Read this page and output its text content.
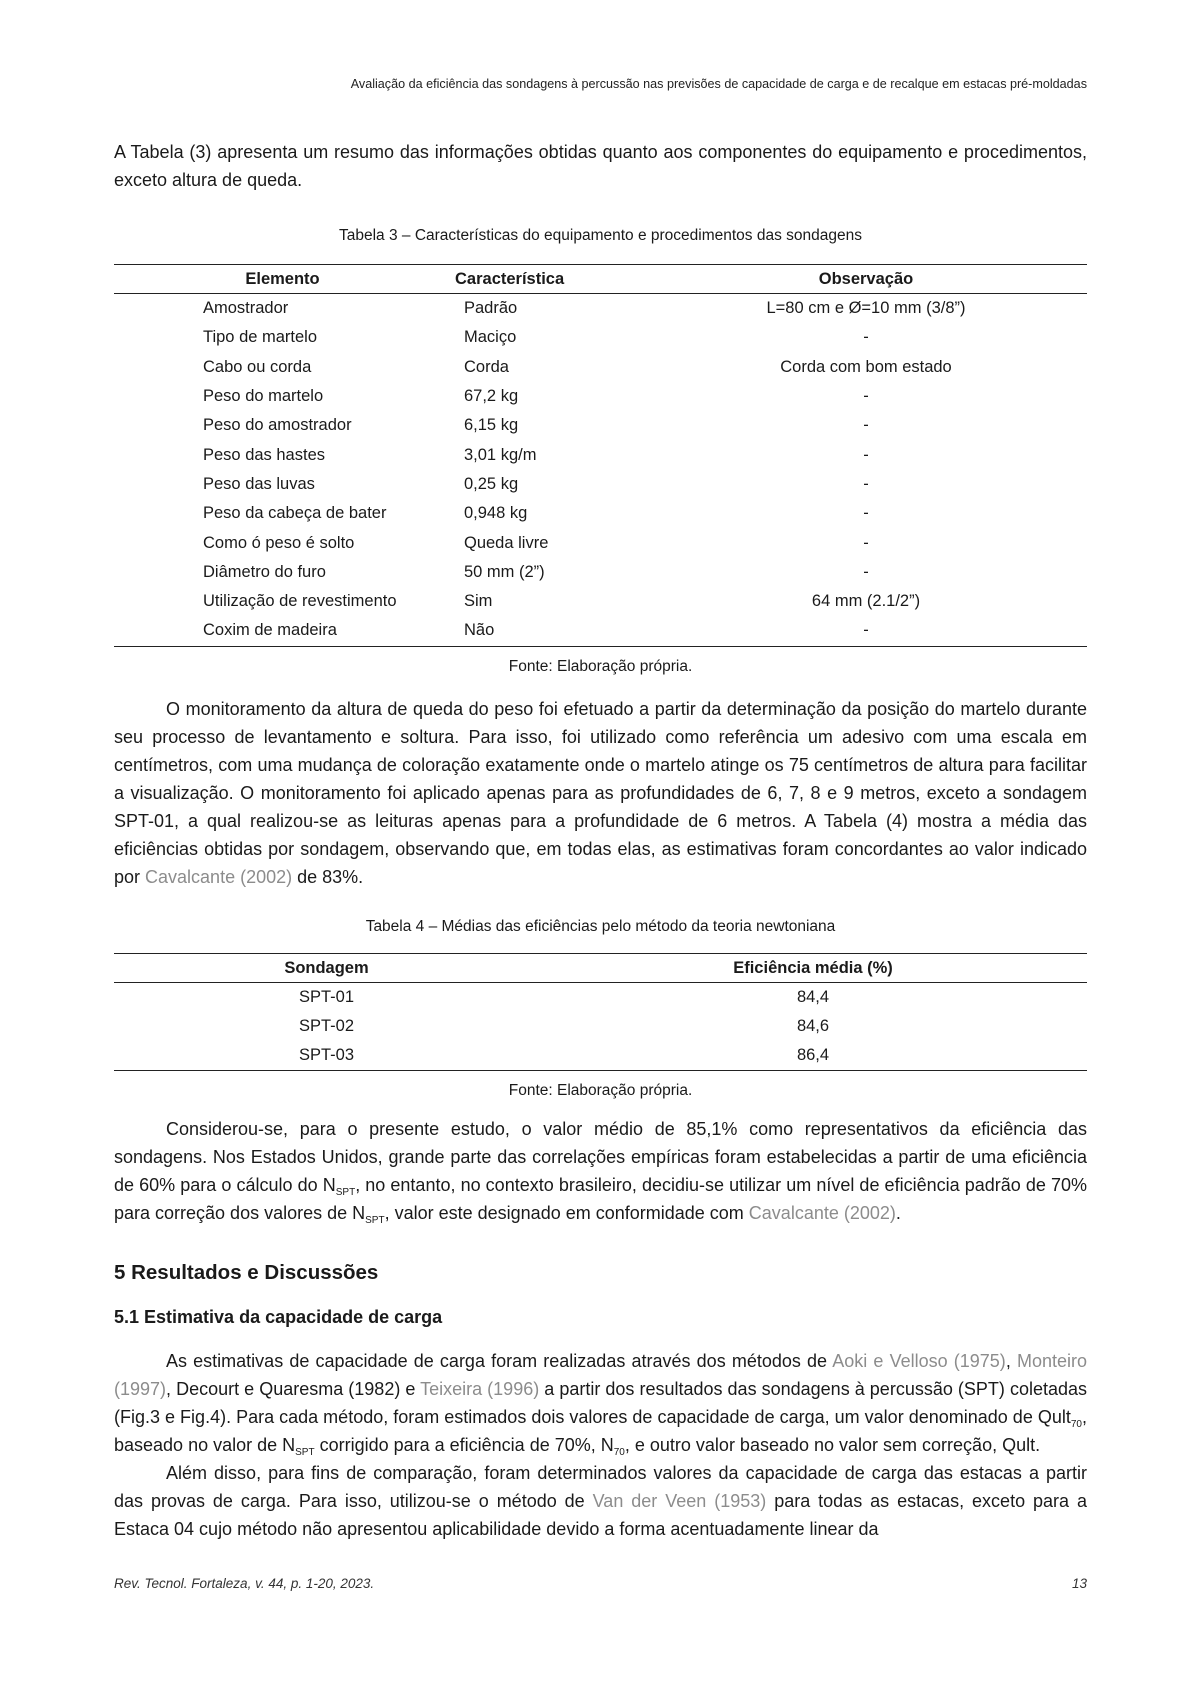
Avaliação da eficiência das sondagens à percussão nas previsões de capacidade de carga e de recalque em estacas pré-moldadas

A Tabela (3) apresenta um resumo das informações obtidas quanto aos componentes do equipamento e procedimentos, exceto altura de queda.

Tabela 3 – Características do equipamento e procedimentos das sondagens

Elemento	Característica	Observação
Amostrador	Padrão	L=80 cm e Ø=10 mm (3/8”)
Tipo de martelo	Maciço	-
Cabo ou corda	Corda	Corda com bom estado
Peso do martelo	67,2 kg	-
Peso do amostrador	6,15 kg	-
Peso das hastes	3,01 kg/m	-
Peso das luvas	0,25 kg	-
Peso da cabeça de bater	0,948 kg	-
Como ó peso é solto	Queda livre	-
Diâmetro do furo	50 mm (2”)	-
Utilização de revestimento	Sim	64 mm (2.1/2”)
Coxim de madeira	Não	-

Fonte: Elaboração própria.

O monitoramento da altura de queda do peso foi efetuado a partir da determinação da posição do martelo durante seu processo de levantamento e soltura. Para isso, foi utilizado como referência um adesivo com uma escala em centímetros, com uma mudança de coloração exatamente onde o martelo atinge os 75 centímetros de altura para facilitar a visualização. O monitoramento foi aplicado apenas para as profundidades de 6, 7, 8 e 9 metros, exceto a sondagem SPT-01, a qual realizou-se as leituras apenas para a profundidade de 6 metros. A Tabela (4) mostra a média das eficiências obtidas por sondagem, observando que, em todas elas, as estimativas foram concordantes ao valor indicado por Cavalcante (2002) de 83%.

Tabela 4 – Médias das eficiências pelo método da teoria newtoniana

Sondagem	Eficiência média (%)
SPT-01	84,4
SPT-02	84,6
SPT-03	86,4

Fonte: Elaboração própria.

Considerou-se, para o presente estudo, o valor médio de 85,1% como representativos da eficiência das sondagens. Nos Estados Unidos, grande parte das correlações empíricas foram estabelecidas a partir de uma eficiência de 60% para o cálculo do $N_{SPT}$, no entanto, no contexto brasileiro, decidiu-se utilizar um nível de eficiência padrão de 70% para correção dos valores de $N_{SPT}$, valor este designado em conformidade com Cavalcante (2002).

5 Resultados e Discussões
5.1 Estimativa da capacidade de carga

As estimativas de capacidade de carga foram realizadas através dos métodos de Aoki e Velloso (1975), Monteiro (1997), Decourt e Quaresma (1982) e Teixeira (1996) a partir dos resultados das sondagens à percussão (SPT) coletadas (Fig.3 e Fig.4). Para cada método, foram estimados dois valores de capacidade de carga, um valor denominado de Qult$_{70}$, baseado no valor de $N_{SPT}$ corrigido para a eficiência de 70%, $N_{70}$, e outro valor baseado no valor sem correção, Qult.

Além disso, para fins de comparação, foram determinados valores da capacidade de carga das estacas a partir das provas de carga. Para isso, utilizou-se o método de Van der Veen (1953) para todas as estacas, exceto para a Estaca 04 cujo método não apresentou aplicabilidade devido a forma acentuadamente linear da

Rev. Tecnol. Fortaleza, v. 44, p. 1-20, 2023.	13
